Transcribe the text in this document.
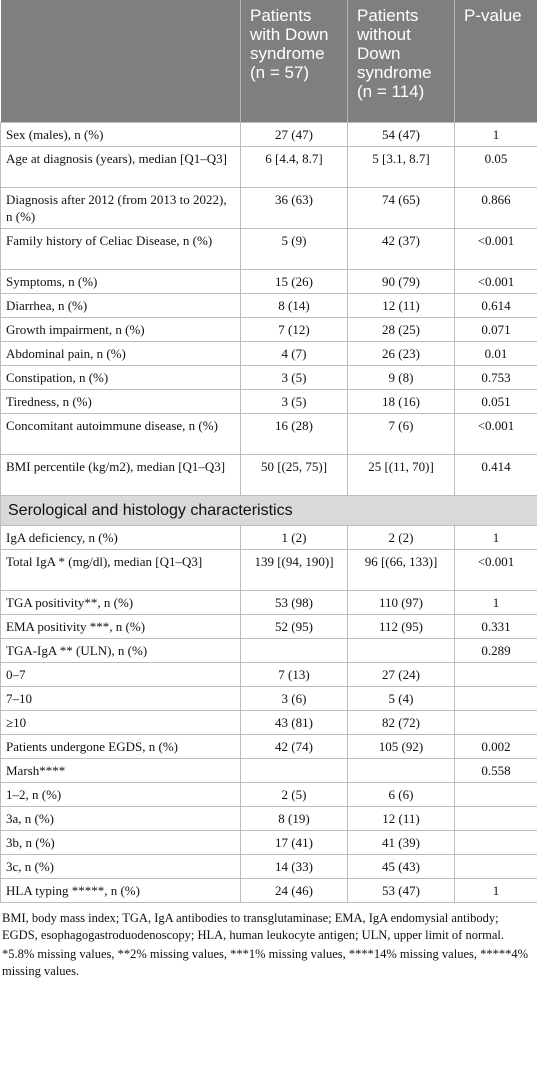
	Patients with Down syndrome (n = 57)	Patients without Down syndrome (n = 114)	P-value
Sex (males), n (%)	27 (47)	54 (47)	1
Age at diagnosis (years), median [Q1–Q3]	6 [4.4, 8.7]	5 [3.1, 8.7]	0.05
Diagnosis after 2012 (from 2013 to 2022), n (%)	36 (63)	74 (65)	0.866
Family history of Celiac Disease, n (%)	5 (9)	42 (37)	<0.001
Symptoms, n (%)	15 (26)	90 (79)	<0.001
Diarrhea, n (%)	8 (14)	12 (11)	0.614
Growth impairment, n (%)	7 (12)	28 (25)	0.071
Abdominal pain, n (%)	4 (7)	26 (23)	0.01
Constipation, n (%)	3 (5)	9 (8)	0.753
Tiredness, n (%)	3 (5)	18 (16)	0.051
Concomitant autoimmune disease, n (%)	16 (28)	7 (6)	<0.001
BMI percentile (kg/m2), median [Q1–Q3]	50 [(25, 75)]	25 [(11, 70)]	0.414
Serological and histology characteristics			
IgA deficiency, n (%)	1 (2)	2 (2)	1
Total IgA * (mg/dl), median [Q1–Q3]	139 [(94, 190)]	96 [(66, 133)]	<0.001
TGA positivity**, n (%)	53 (98)	110 (97)	1
EMA positivity ***, n (%)	52 (95)	112 (95)	0.331
TGA-IgA ** (ULN), n (%)			0.289
0–7	7 (13)	27 (24)	
7–10	3 (6)	5 (4)	
≥10	43 (81)	82 (72)	
Patients undergone EGDS, n (%)	42 (74)	105 (92)	0.002
Marsh****			0.558
1–2, n (%)	2 (5)	6 (6)	
3a, n (%)	8 (19)	12 (11)	
3b, n (%)	17 (41)	41 (39)	
3c, n (%)	14 (33)	45 (43)	
HLA typing *****, n (%)	24 (46)	53 (47)	1

BMI, body mass index; TGA, IgA antibodies to transglutaminase; EMA, IgA endomysial antibody; EGDS, esophagogastroduodenoscopy; HLA, human leukocyte antigen; ULN, upper limit of normal.

*5.8% missing values, **2% missing values, ***1% missing values, ****14% missing values, *****4% missing values.
